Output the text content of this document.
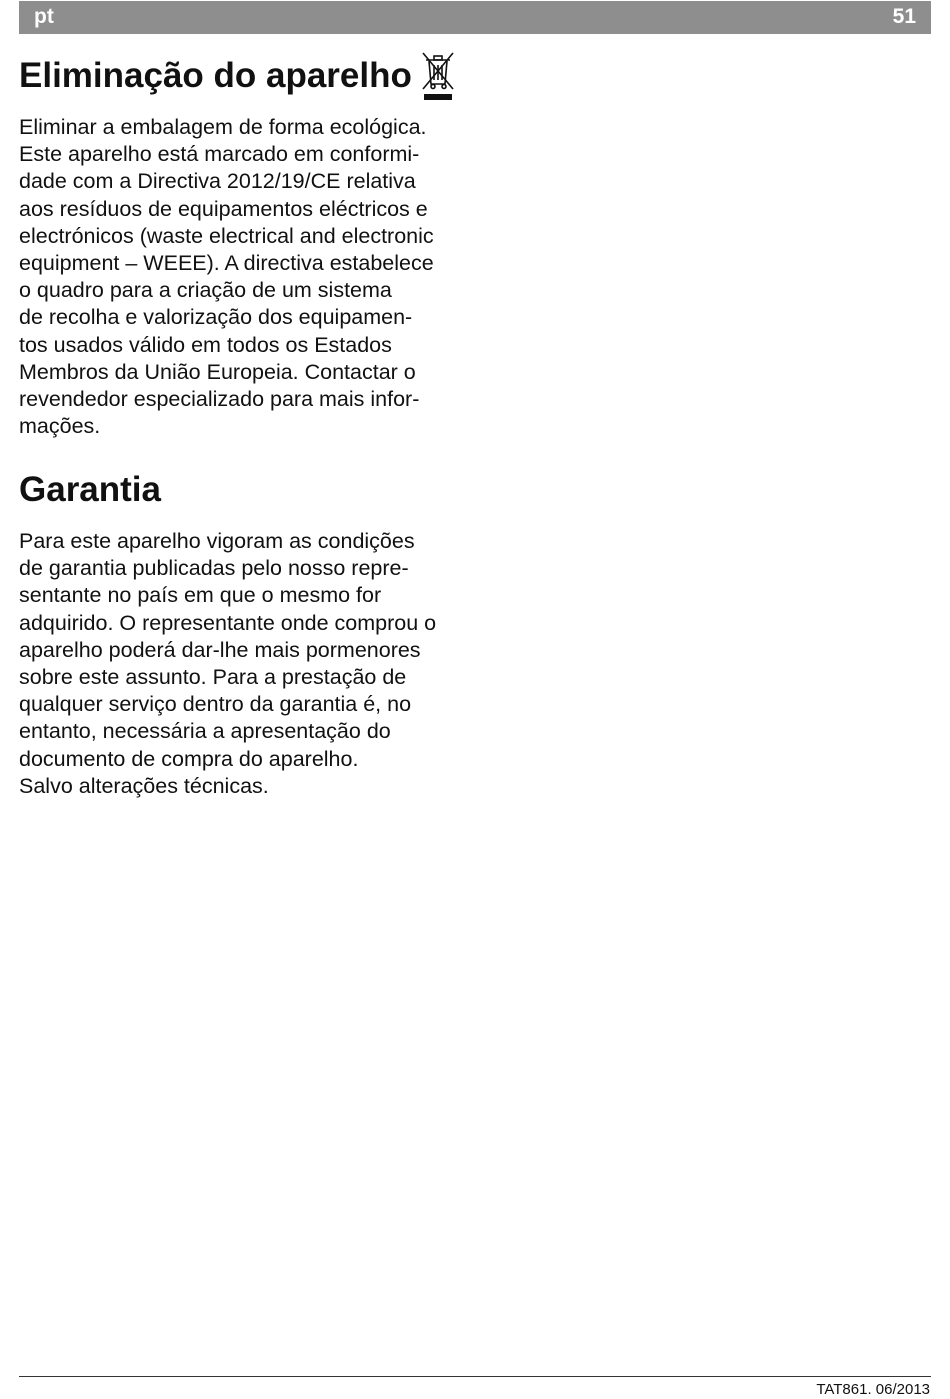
pt	51
Eliminação do aparelho
Eliminar a embalagem de forma ecológica.
Este aparelho está marcado em conformi-
dade com a Directiva 2012/19/CE relativa
aos resíduos de equipamentos eléctricos e
electrónicos (waste electrical and electronic
equipment – WEEE). A directiva estabelece
o quadro para a criação de um sistema
de recolha e valorização dos equipamen-
tos usados válido em todos os Estados
Membros da União Europeia. Contactar o
revendedor especializado para mais infor-
mações.
Garantia
Para este aparelho vigoram as condições
de garantia publicadas pelo nosso repre-
sentante no país em que o mesmo for
adquirido. O representante onde comprou o
aparelho poderá dar-lhe mais pormenores
sobre este assunto. Para a prestação de
qualquer serviço dentro da garantia é, no
entanto, necessária a apresentação do
documento de compra do aparelho.
Salvo alterações técnicas.
TAT861. 06/2013
